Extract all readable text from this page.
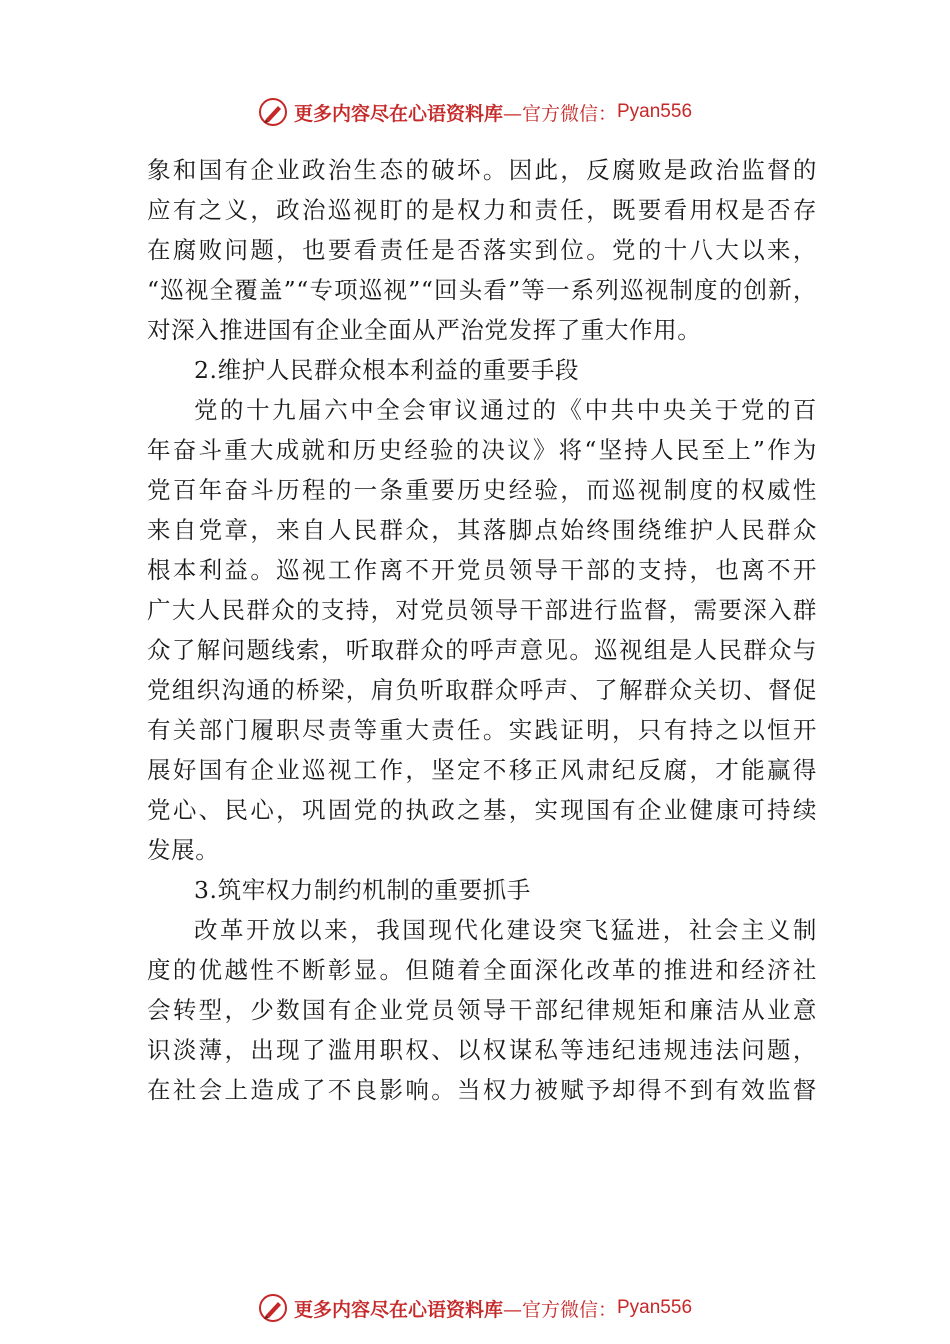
更多内容尽在心语资料库 —官方微信： Pyan556
象和国有企业政治生态的破坏。因此，反腐败是政治监督的
应有之义，政治巡视盯的是权力和责任，既要看用权是否存
在腐败问题，也要看责任是否落实到位。党的十八大以来，
“巡视全覆盖”“专项巡视”“回头看”等一系列巡视制度的创新，
对深入推进国有企业全面从严治党发挥了重大作用。
2.维护人民群众根本利益的重要手段
党的十九届六中全会审议通过的《中共中央关于党的百
年奋斗重大成就和历史经验的决议》将“坚持人民至上”作为
党百年奋斗历程的一条重要历史经验，而巡视制度的权威性
来自党章，来自人民群众，其落脚点始终围绕维护人民群众
根本利益。巡视工作离不开党员领导干部的支持，也离不开
广大人民群众的支持，对党员领导干部进行监督，需要深入群
众了解问题线索，听取群众的呼声意见。巡视组是人民群众与
党组织沟通的桥梁，肩负听取群众呼声、了解群众关切、督促
有关部门履职尽责等重大责任。实践证明，只有持之以恒开
展好国有企业巡视工作，坚定不移正风肃纪反腐，才能赢得
党心、民心，巩固党的执政之基，实现国有企业健康可持续
发展。
3.筑牢权力制约机制的重要抓手
改革开放以来，我国现代化建设突飞猛进，社会主义制
度的优越性不断彰显。但随着全面深化改革的推进和经济社
会转型，少数国有企业党员领导干部纪律规矩和廉洁从业意
识淡薄，出现了滥用职权、以权谋私等违纪违规违法问题，
在社会上造成了不良影响。当权力被赋予却得不到有效监督
更多内容尽在心语资料库 —官方微信： Pyan556
